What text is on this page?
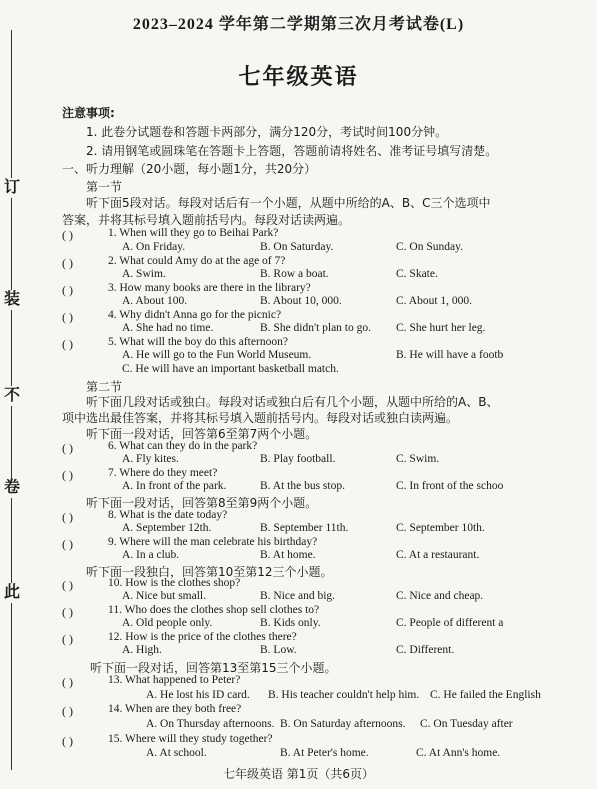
订
装
不
卷
此
2023–2024 学年第二学期第三次月考试卷(L)
七年级英语
注意事项:
1. 此卷分试题卷和答题卡两部分，满分120分，考试时间100分钟。
2. 请用钢笔或圆珠笔在答题卡上答题，答题前请将姓名、准考证号填写清楚。
一、听力理解（20小题，每小题1分，共20分）
第一节
听下面5段对话。每段对话后有一个小题，从题中所给的A、B、C三个选项中
答案，并将其标号填入题前括号内。每段对话读两遍。
( )	1. When will they go to Beihai Park?
A. On Friday.	B. On Saturday.	C. On Sunday.
( )	2. What could Amy do at the age of 7?
A. Swim.	B. Row a boat.	C. Skate.
( )	3. How many books are there in the library?
A. About 100.	B. About 10, 000.	C. About 1, 000.
( )	4. Why didn't Anna go for the picnic?
A. She had no time.	B. She didn't plan to go. C. She hurt her leg.
( )	5. What will the boy do this afternoon?
A. He will go to the Fun World Museum.	B. He will have a footb
C. He will have an important basketball match.
第二节
听下面几段对话或独白。每段对话或独白后有几个小题，从题中所给的A、B、
项中选出最佳答案，并将其标号填入题前括号内。每段对话或独白读两遍。
听下面一段对话，回答第6至第7两个小题。
( )	6. What can they do in the park?
A. Fly kites.	B. Play football.	C. Swim.
( )	7. Where do they meet?
A. In front of the park.	B. At the bus stop.	C. In front of the schoo
听下面一段对话，回答第8至第9两个小题。
( )	8. What is the date today?
A. September 12th.	B. September 11th.	C. September 10th.
( )	9. Where will the man celebrate his birthday?
A. In a club.	B. At home.	C. At a restaurant.
听下面一段独白，回答第10至第12三个小题。
( )	10. How is the clothes shop?
A. Nice but small.	B. Nice and big.	C. Nice and cheap.
( )	11. Who does the clothes shop sell clothes to?
A. Old people only.	B. Kids only.	C. People of different a
( )	12. How is the price of the clothes there?
A. High.	B. Low.	C. Different.
听下面一段对话，回答第13至第15三个小题。
( )	13. What happened to Peter?
A. He lost his ID card. B. His teacher couldn't help him. C. He failed the English
( )	14. When are they both free?
A. On Thursday afternoons. B. On Saturday afternoons. C. On Tuesday after
( )	15. Where will they study together?
A. At school.	B. At Peter's home.	C. At Ann's home.
七年级英语 第1页（共6页）
